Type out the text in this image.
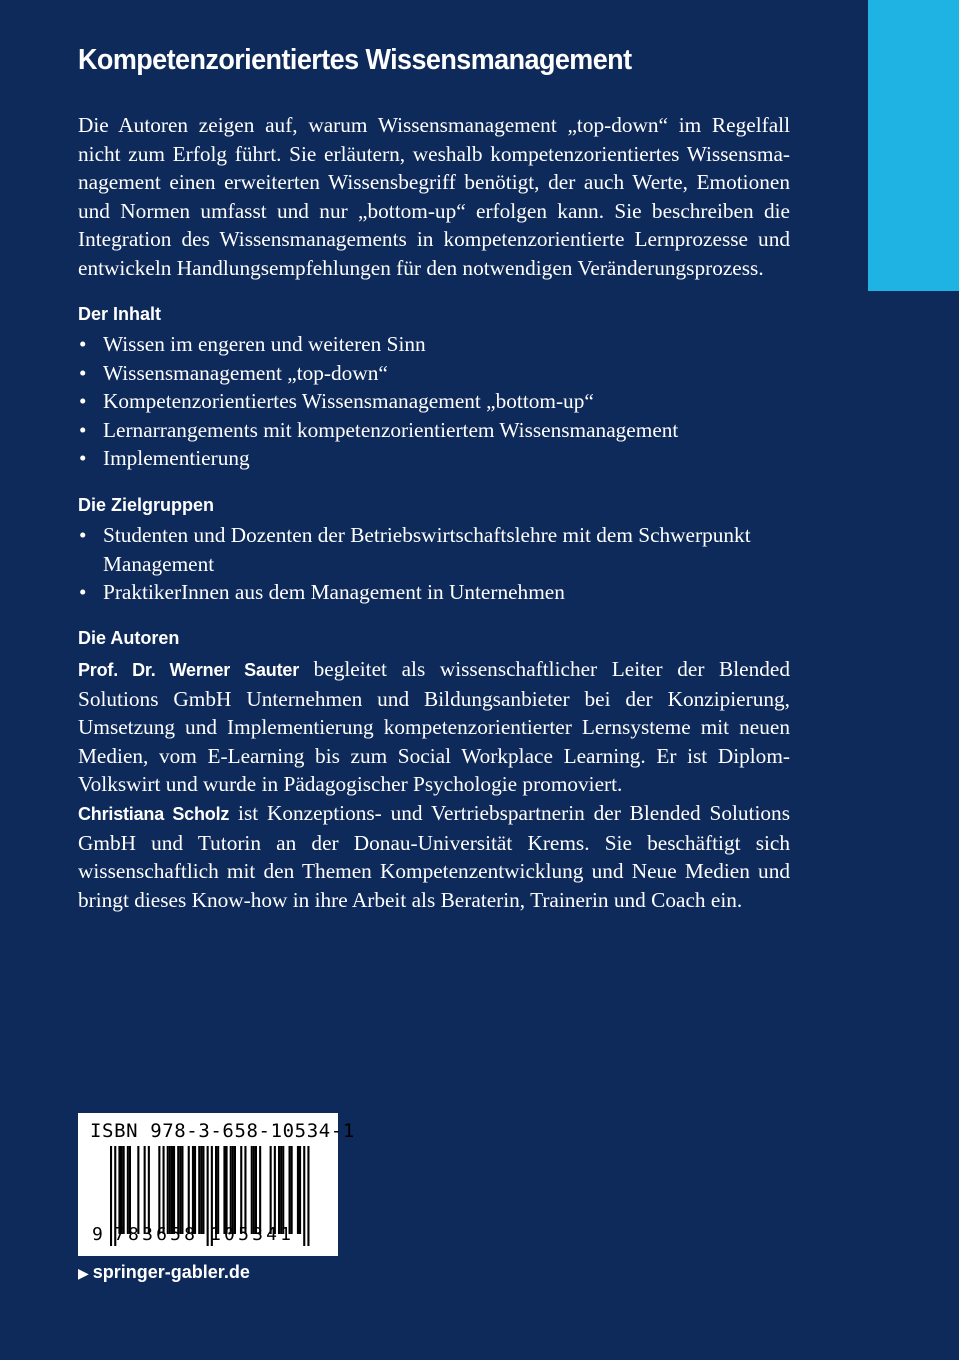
Kompetenzorientiertes Wissensmanagement

Die Autoren zeigen auf, warum Wissensmanagement „top-down“ im Regelfall nicht zum Erfolg führt. Sie erläutern, weshalb kompetenzorientiertes Wissensmanagement einen erweiterten Wissensbegriff benötigt, der auch Werte, Emotionen und Normen umfasst und nur „bottom-up“ erfolgen kann. Sie beschreiben die Integration des Wissensmanagements in kompetenzorientierte Lernprozesse und entwickeln Handlungsempfehlungen für den notwendigen Veränderungsprozess.

Der Inhalt
• Wissen im engeren und weiteren Sinn
• Wissensmanagement „top-down“
• Kompetenzorientiertes Wissensmanagement „bottom-up“
• Lernarrangements mit kompetenzorientiertem Wissensmanagement
• Implementierung
Die Zielgruppen
• Studenten und Dozenten der Betriebswirtschaftslehre mit dem Schwerpunkt Management
• PraktikerInnen aus dem Management in Unternehmen
Die Autoren

Prof. Dr. Werner Sauter begleitet als wissenschaftlicher Leiter der Blended Solutions GmbH Unternehmen und Bildungsanbieter bei der Konzipierung, Umsetzung und Implementierung kompetenzorientierter Lernsysteme mit neuen Medien, vom E-Learning bis zum Social Workplace Learning. Er ist Diplom-Volkswirt und wurde in Pädagogischer Psychologie promoviert.

Christiana Scholz ist Konzeptions- und Vertriebspartnerin der Blended Solutions GmbH und Tutorin an der Donau-Universität Krems. Sie beschäftigt sich wissenschaftlich mit den Themen Kompetenzentwicklung und Neue Medien und bringt dieses Know-how in ihre Arbeit als Beraterin, Trainerin und Coach ein.

ISBN 978-3-658-10534-1
9 783658 105341
▶ springer-gabler.de
